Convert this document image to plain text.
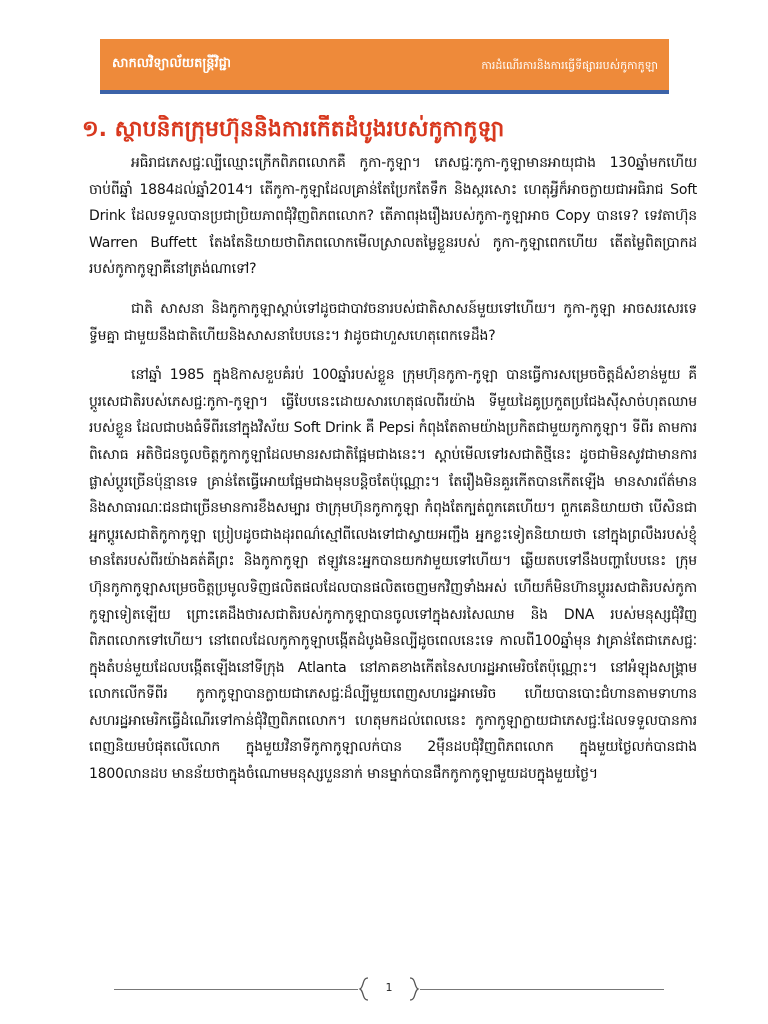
សាកលវិទ្យាល័យតន្ត្រីវិជ្ជា	ការដំណើរការនិងការធ្វើទីផ្សាររបស់កូកាកូឡា
១. ស្ថាបនិកក្រុមហ៊ុននិងការកើតដំបូងរបស់កូកាកូឡា

អធិរាជភេសជ្ជៈល្បីឈ្មោះក្រើកពិភពលោកគឺ កូកា-កូឡា។ ភេសជ្ជៈកូកា-កូឡាមានអាយុជាង 130ឆ្នាំមកហើយ ចាប់ពីឆ្នាំ 1884ដល់ឆ្នាំ2014។ តើកូកា-កូឡាដែលគ្រាន់តែប្រែកតែទឹក និងស្ករសោះ ហេតុអ្វីក៏អាចក្លាយជាអធិរាជ Soft Drink ដែលទទួលបានប្រជាប្រិយភាពជុំវិញពិភពលោក? តើភាពរុងរឿងរបស់កូកា-កូឡាអាច Copy បានទេ? ទេវតាហ៊ុន Warren Buffett តែងតែនិយាយថាពិភពលោកមើលស្រាលតម្លៃខ្លួនរបស់ កូកា-កូឡាពេកហើយ តើតម្លៃពិតប្រាកដរបស់កូកាកូឡាគឺនៅត្រង់ណាទៅ?

ជាតិ សាសនា និងកូកាកូឡាស្តាប់ទៅដូចជាបាវចនារបស់ជាតិសាសន៍មួយទៅហើយ។ កូកា-កូឡា អាចសរសេរទេទ្វីមគ្នា ជាមួយនឹងជាតិហើយនិងសាសនាបែបនេះ។ វាដូចជាហួសហេតុពេកទេដឹង?

នៅឆ្នាំ 1985 ក្នុងឱកាសខួបគំរប់ 100ឆ្នាំរបស់ខ្លួន ក្រុមហ៊ុនកូកា-កូឡា បានធ្វើការសម្រេចចិត្តដ៏សំខាន់មួយ គឺប្តូរសេជាតិរបស់ភេសជ្ជៈកូកា-កូឡា។ ធ្វើបែបនេះដោយសារហេតុផលពីរយ៉ាង ទីមួយដៃគូប្រកួតប្រជែងស៊ីសាច់ហុតឈាមរបស់ខ្លួន ដែលជាបងធំទីពីរនៅក្នុងវិស័យ Soft Drink គឺ Pepsi កំពុងតែតាមយ៉ាងប្រកិតជាមួយកូកាកូឡា។ ទីពីរ តាមការពិសោធ អតិថិជនចូលចិត្តកូកាកូឡាដែលមានរសជាតិផ្អែមជាងនេះ។ ស្តាប់មើលទៅរសជាតិថ្មីនេះ ដូចជាមិនសូវជាមានការផ្លាស់ប្តូរច្រើនប៉ុន្មានទេ គ្រាន់តែធ្វើអោយផ្អែមជាងមុនបន្តិចតែប៉ុណ្ណោះ។ តែរឿងមិនគួរកើតបានកើតឡើង មានសារព័ត៌មាន និងសាធារណៈជនជាច្រើនមានការខឹងសម្បារ ថាក្រុមហ៊ុនកូកាកូឡា កំពុងតែក្បត់ពួកគេហើយ។ ពួកគេនិយាយថា បើសិនជាអ្នកប្តូរសេជាតិកូកាកូឡា ប្រៀបដូចជាងដុរពណ៌ស្មៅពីលេងទៅជាស្វាយអញ្ជឹង អ្នកខ្លះទៀតនិយាយថា នៅក្នុងព្រលឹងរបស់ខ្ញុំមានតែរបស់ពីរយ៉ាងគត់គឺព្រះ និងកូកាកូឡា ឥឡូវនេះអ្នកបានយកវាមួយទៅហើយ។ ឆ្លើយតបទៅនឹងបញ្ហាបែបនេះ ក្រុមហ៊ុនកូកាកូឡាសម្រេចចិត្តប្រមូលទិញផលិតផលដែលបានផលិតចេញមកវិញទាំងអស់ ហើយក៏មិនហ៊ានប្តូររសជាតិរបស់កូកាកូឡាទៀតឡើយ ព្រោះគេដឹងថារសជាតិរបស់កូកាកូឡាបានចូលទៅក្នុងសរសៃឈាម និង DNA របស់មនុស្សជុំវិញពិភពលោកទៅហើយ។ នៅពេលដែលកូកាកូឡាបង្កើតដំបូងមិនល្បីដូចពេលនេះទេ កាលពី100ឆ្នាំមុន វាគ្រាន់តែជាភេសជ្ជៈក្នុងតំបន់មួយដែលបង្កើតឡើងនៅទីក្រុង Atlanta នៅភាគខាងកើតនៃសហរដ្ឋអាមេរិចតែប៉ុណ្ណោះ។ នៅអំឡុងសង្គ្រាមលោកលើកទីពីរ កូកាកូឡាបានក្លាយជាភេសជ្ជៈដ៏ល្បីមួយពេញសហរដ្ឋអាមេរិច ហើយបានបោះជំហានតាមទាហានសហរដ្ឋអាមេរិកធ្វើដំណើរទៅកាន់ជុំវិញពិភពលោក។ ហេតុមកដល់ពេលនេះ កូកាកូឡាក្លាយជាភេសជ្ជៈដែលទទួលបានការពេញនិយមបំផុតលើលោក ក្នុងមួយវិនាទីកូកាកូឡាលក់បាន 2ម៉ឺនដបជុំវិញពិភពលោក ក្នុងមួយថ្ងៃលក់បានជាង 1800លានដប មានន័យថាក្នុងចំណោមមនុស្សបួននាក់ មានម្នាក់បានផឹកកូកាកូឡាមួយដបក្នុងមួយថ្ងៃ។

1
